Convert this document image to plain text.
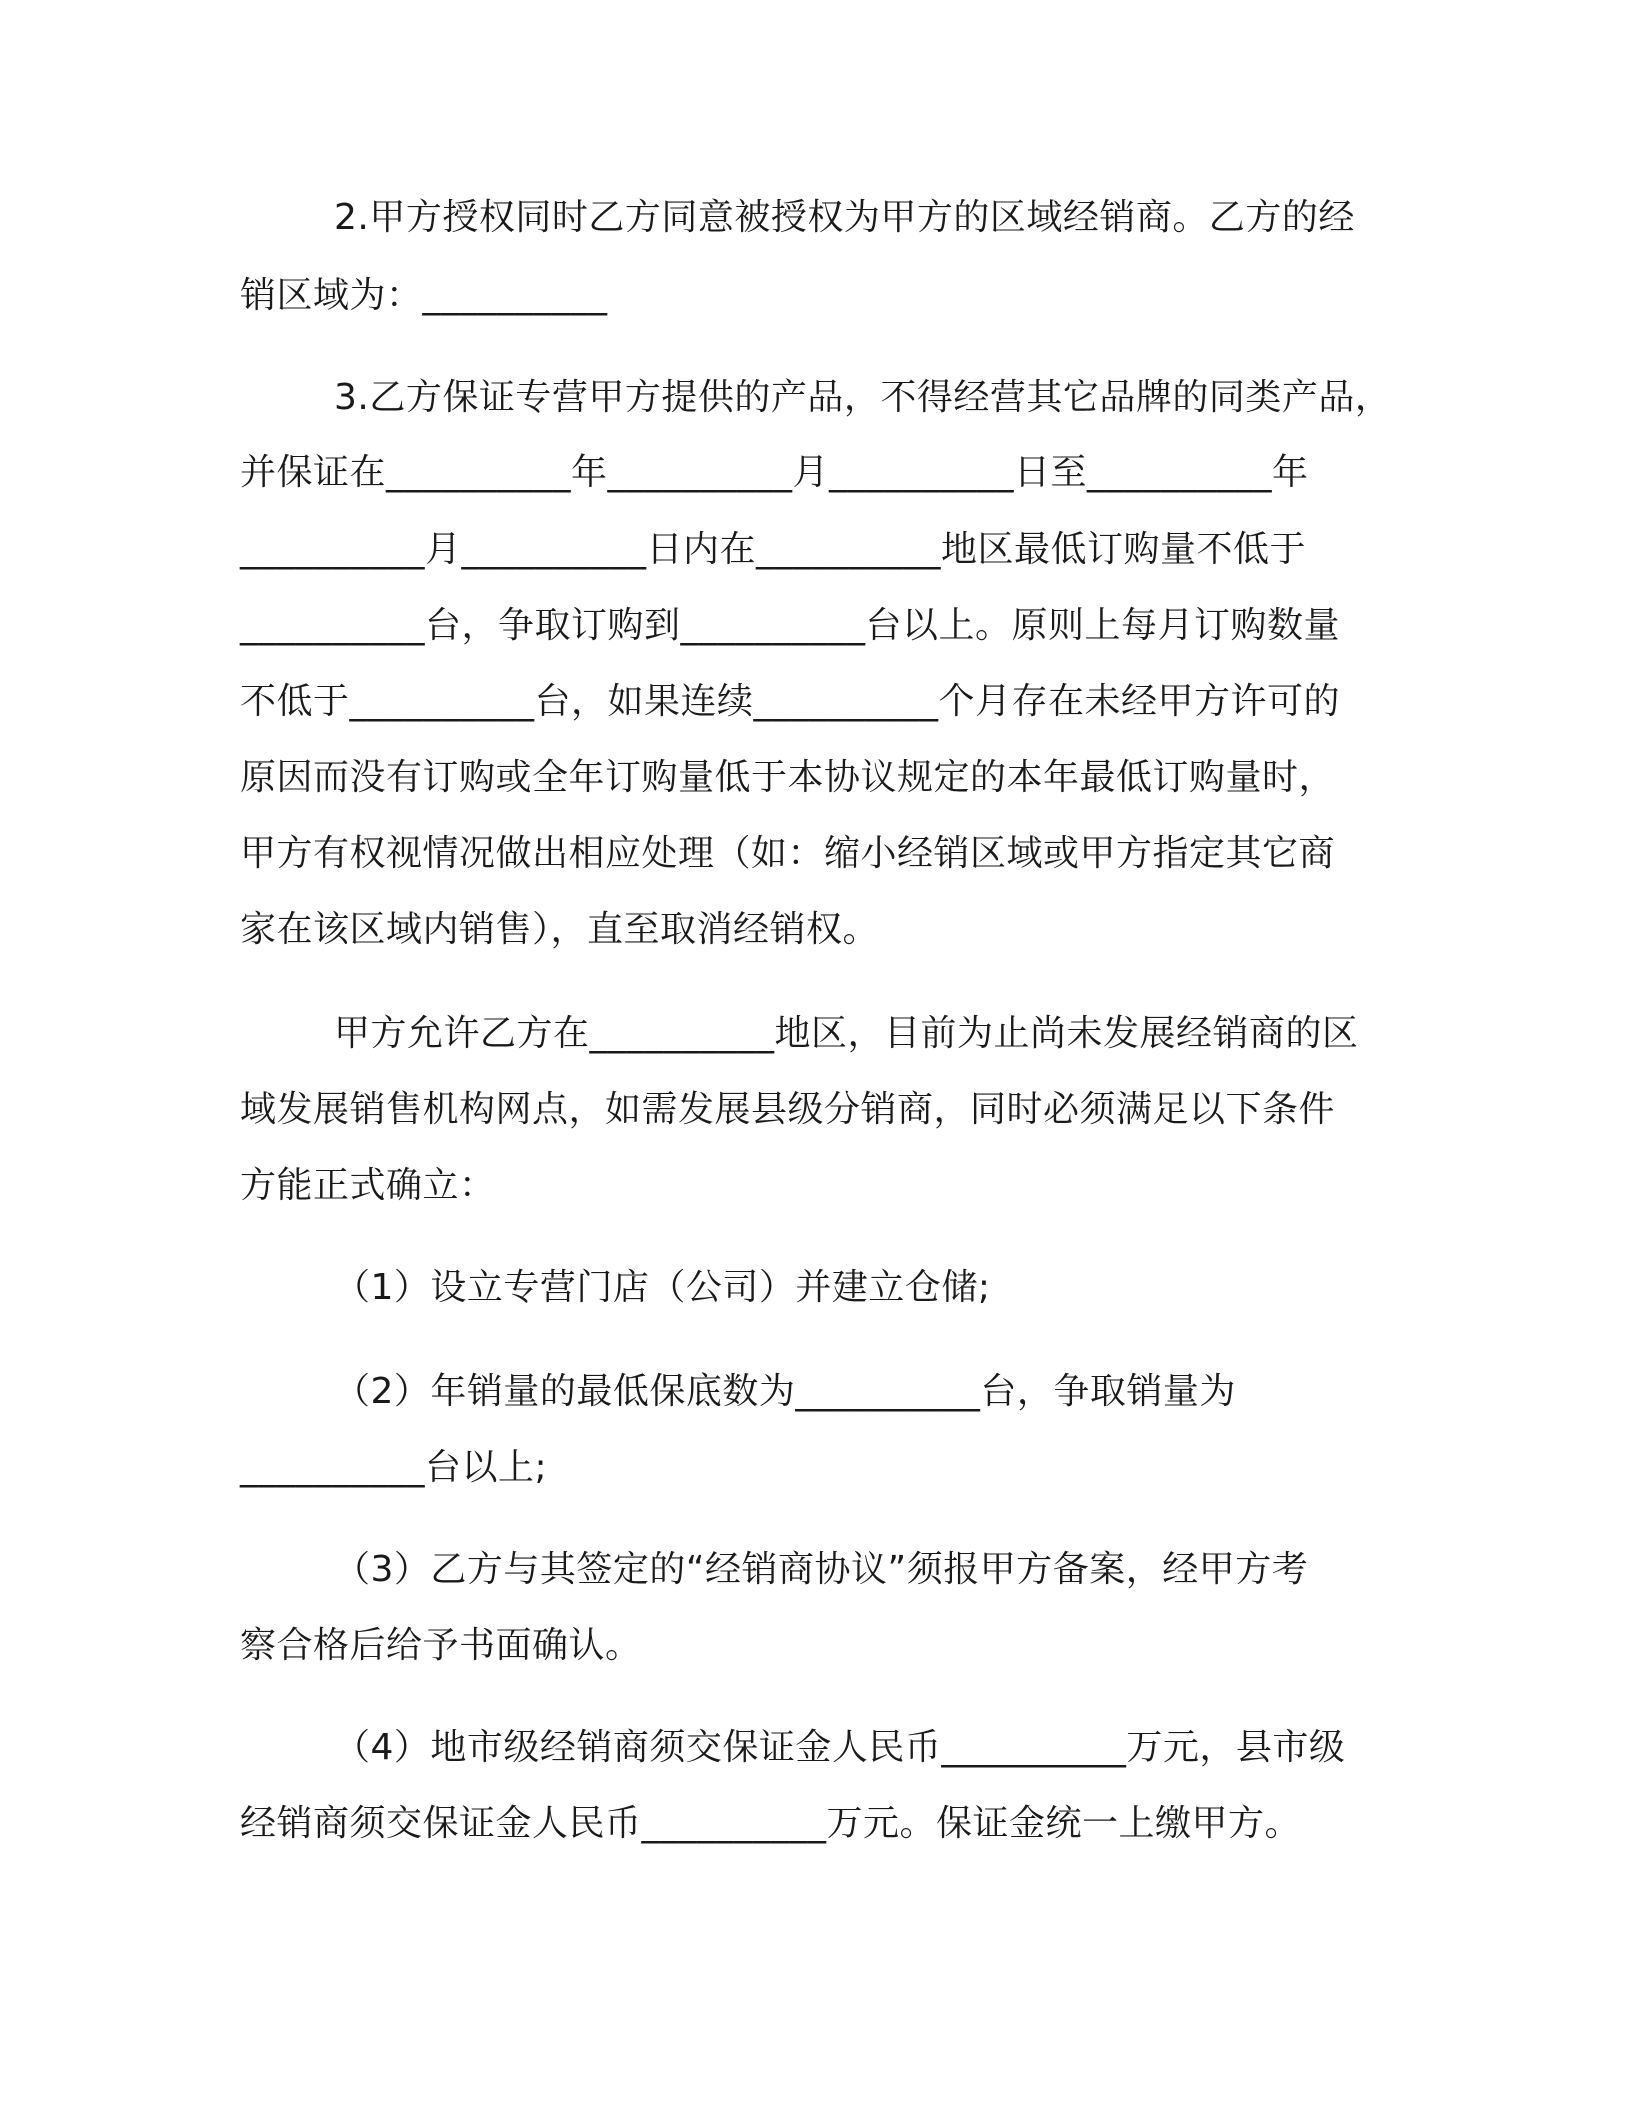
2.甲方授权同时乙方同意被授权为甲方的区域经销商。乙方的经
销区域为：__________
3.乙方保证专营甲方提供的产品，不得经营其它品牌的同类产品，
并保证在__________年__________月__________日至__________年
__________月__________日内在__________地区最低订购量不低于
__________台，争取订购到__________台以上。原则上每月订购数量
不低于__________台，如果连续__________个月存在未经甲方许可的
原因而没有订购或全年订购量低于本协议规定的本年最低订购量时，
甲方有权视情况做出相应处理（如：缩小经销区域或甲方指定其它商
家在该区域内销售），直至取消经销权。
甲方允许乙方在__________地区，目前为止尚未发展经销商的区
域发展销售机构网点，如需发展县级分销商，同时必须满足以下条件
方能正式确立：
（1）设立专营门店（公司）并建立仓储;
（2）年销量的最低保底数为__________台，争取销量为
__________台以上;
（3）乙方与其签定的“经销商协议”须报甲方备案，经甲方考
察合格后给予书面确认。
（4）地市级经销商须交保证金人民币__________万元，县市级
经销商须交保证金人民币__________万元。保证金统一上缴甲方。
